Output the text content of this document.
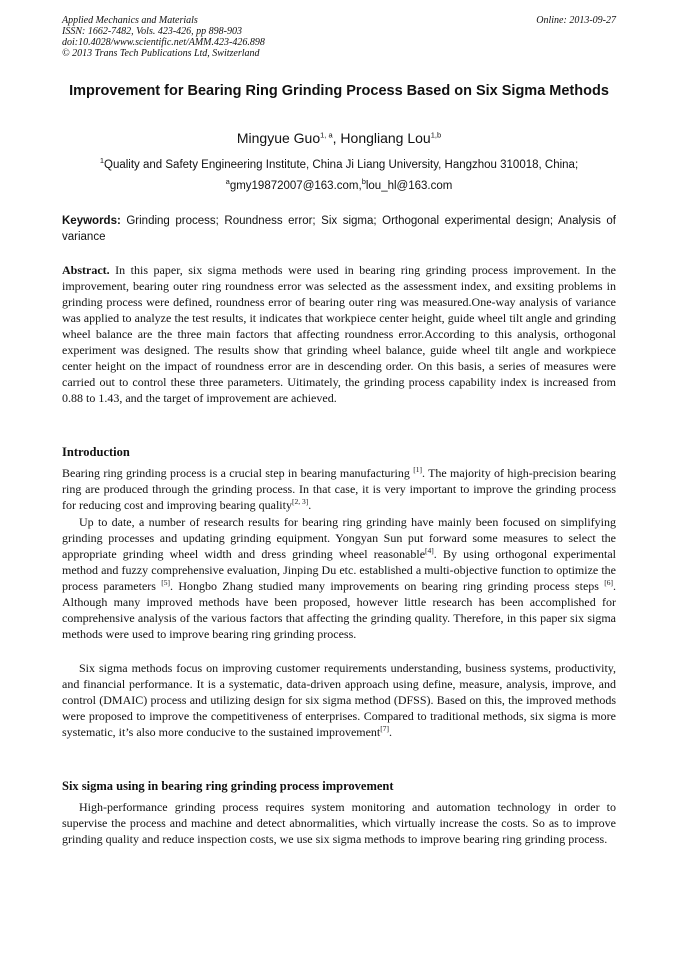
Applied Mechanics and Materials
ISSN: 1662-7482, Vols. 423-426, pp 898-903
doi:10.4028/www.scientific.net/AMM.423-426.898
© 2013 Trans Tech Publications Ltd, Switzerland
Online: 2013-09-27
Improvement for Bearing Ring Grinding Process Based on Six Sigma Methods
Mingyue Guo$^{1, a}$, Hongliang Lou$^{1,b}$
$^1$Quality and Safety Engineering Institute, China Ji Liang University, Hangzhou 310018, China;
$^a$gmy19872007@163.com,$^b$lou_hl@163.com
Keywords: Grinding process; Roundness error; Six sigma; Orthogonal experimental design; Analysis of variance
Abstract. In this paper, six sigma methods were used in bearing ring grinding process improvement. In the improvement, bearing outer ring roundness error was selected as the assessment index, and exsiting problems in grinding process were defined, roundness error of bearing outer ring was measured.One-way analysis of variance was applied to analyze the test results, it indicates that workpiece center height, guide wheel tilt angle and grinding wheel balance are the three main factors that affecting roundness error.According to this analysis, orthogonal experiment was designed. The results show that grinding wheel balance, guide wheel tilt angle and workpiece center height on the impact of roundness error are in descending order. On this basis, a series of measures were carried out to control these three parameters. Uitimately, the grinding process capability index is increased from 0.88 to 1.43, and the target of improvement are achieved.
Introduction

Bearing ring grinding process is a crucial step in bearing manufacturing [1]. The majority of high-precision bearing ring are produced through the grinding process. In that case, it is very important to improve the grinding process for reducing cost and improving bearing quality[2, 3].

Up to date, a number of research results for bearing ring grinding have mainly been focused on simplifying grinding processes and updating grinding equipment. Yongyan Sun put forward some measures to select the appropriate grinding wheel width and dress grinding wheel reasonable[4]. By using orthogonal experimental method and fuzzy comprehensive evaluation, Jinping Du etc. established a multi-objective function to optimize the process parameters [5]. Hongbo Zhang studied many improvements on bearing ring grinding process steps [6]. Although many improved methods have been proposed, however little research has been accomplished for comprehensive analysis of the various factors that affecting the grinding quality. Therefore, in this paper six sigma methods were used to improve bearing ring grinding process.

Six sigma methods focus on improving customer requirements understanding, business systems, productivity, and financial performance. It is a systematic, data-driven approach using define, measure, analysis, improve, and control (DMAIC) process and utilizing design for six sigma method (DFSS). Based on this, the improved methods were proposed to improve the competitiveness of enterprises. Compared to traditional methods, six sigma is more systematic, it’s also more conducive to the sustained improvement[7].

Six sigma using in bearing ring grinding process improvement

High-performance grinding process requires system monitoring and automation technology in order to supervise the process and machine and detect abnormalities, which virtually increase the costs. So as to improve grinding quality and reduce inspection costs, we use six sigma methods to improve bearing ring grinding process.
